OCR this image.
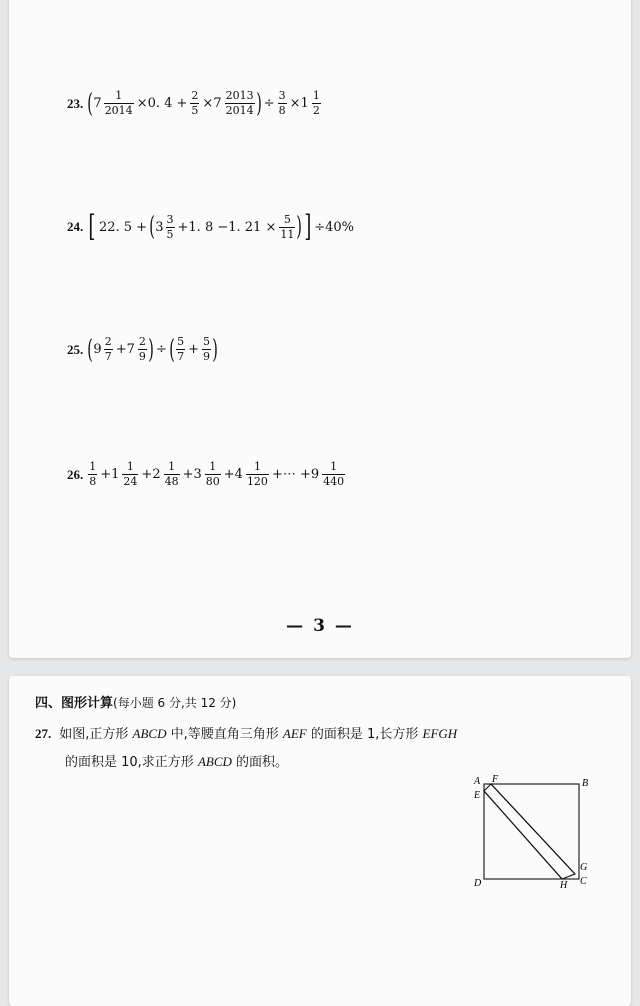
23. ( $7 \frac{1}{2014} \times 0$. $4 + \frac{2}{5} \times 7 \frac{2013}{2014}$ ) ÷ $\frac{3}{8} \times 1 \frac{1}{2}$
24. [ 22. 5 + ( $3 \frac{3}{5} +1$. 8 −1. $21 \times \frac{5}{11}$ ) ] ÷40%
25. ( $9 \frac{2}{7} +7 \frac{2}{9}$ ) ÷ ( $\frac{5}{7} + \frac{5}{9}$ )
26. $\frac{1}{8} +1 \frac{1}{24} +2 \frac{1}{48} +3 \frac{1}{80} +4 \frac{1}{120}$ +⋯ $+9 \frac{1}{440}$
— 3 —
四、图形计算(每小题 6 分,共 12 分)
27. 如图,正方形 ABCD 中,等腰直角三角形 AEF 的面积是 1,长方形 EFGH
的面积是 10,求正方形 ABCD 的面积。
A F	B
E
G
D	H C
